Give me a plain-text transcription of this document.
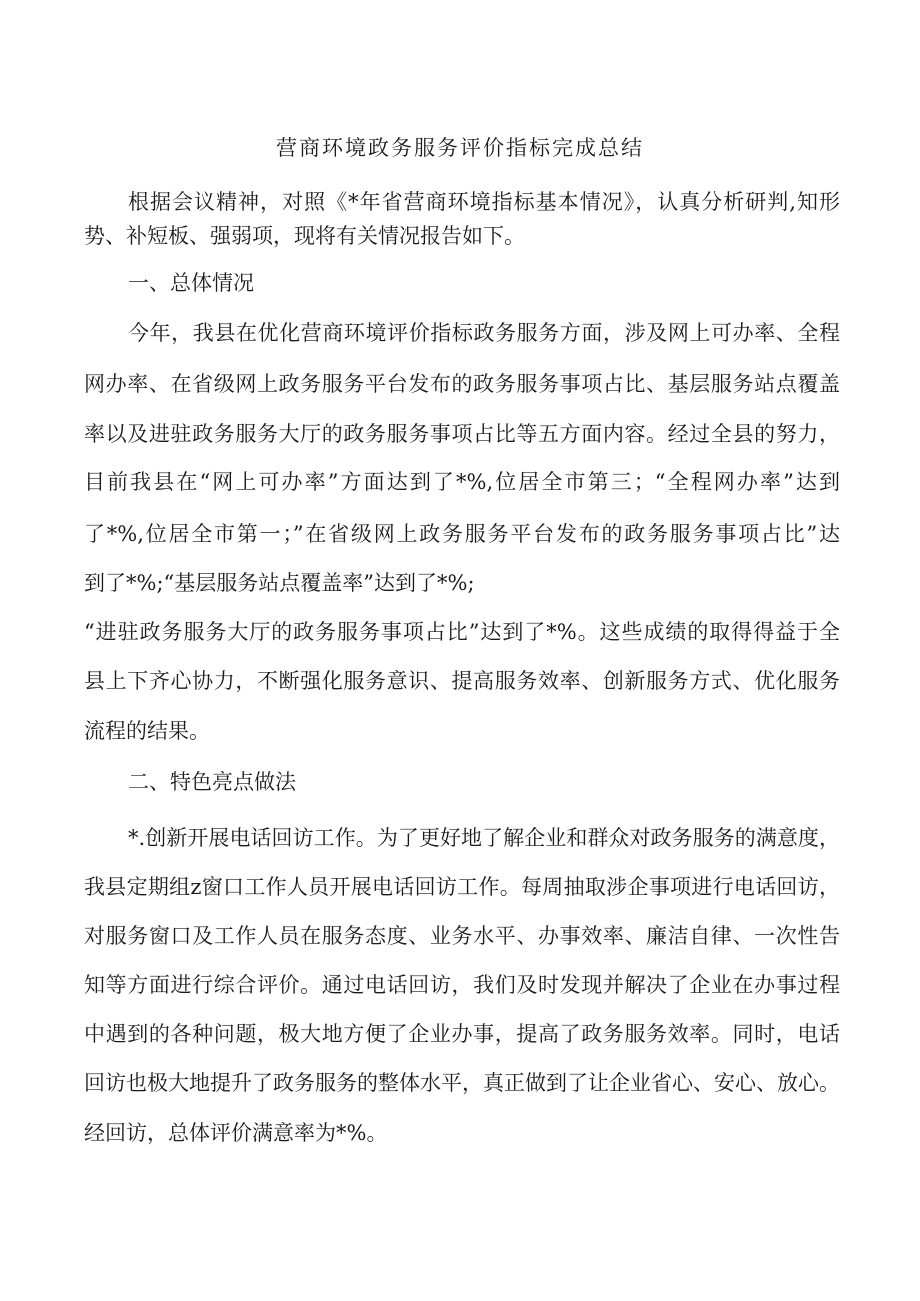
营商环境政务服务评价指标完成总结
根据会议精神，对照《*年省营商环境指标基本情况》，认真分析研判,知形
势、补短板、强弱项，现将有关情况报告如下。
一、总体情况
今年，我县在优化营商环境评价指标政务服务方面，涉及网上可办率、全程
网办率、在省级网上政务服务平台发布的政务服务事项占比、基层服务站点覆盖
率以及进驻政务服务大厅的政务服务事项占比等五方面内容。经过全县的努力，
目前我县在“网上可办率”方面达到了*%,位居全市第三；“全程网办率”达到
了*%,位居全市第一；”在省级网上政务服务平台发布的政务服务事项占比”达
到了*%;“基层服务站点覆盖率”达到了*%;
“进驻政务服务大厅的政务服务事项占比”达到了*%。这些成绩的取得得益于全
县上下齐心协力，不断强化服务意识、提高服务效率、创新服务方式、优化服务
流程的结果。
二、特色亮点做法
*.创新开展电话回访工作。为了更好地了解企业和群众对政务服务的满意度，
我县定期组z窗口工作人员开展电话回访工作。每周抽取涉企事项进行电话回访，
对服务窗口及工作人员在服务态度、业务水平、办事效率、廉洁自律、一次性告
知等方面进行综合评价。通过电话回访，我们及时发现并解决了企业在办事过程
中遇到的各种问题，极大地方便了企业办事，提高了政务服务效率。同时，电话
回访也极大地提升了政务服务的整体水平，真正做到了让企业省心、安心、放心。
经回访，总体评价满意率为*%。
